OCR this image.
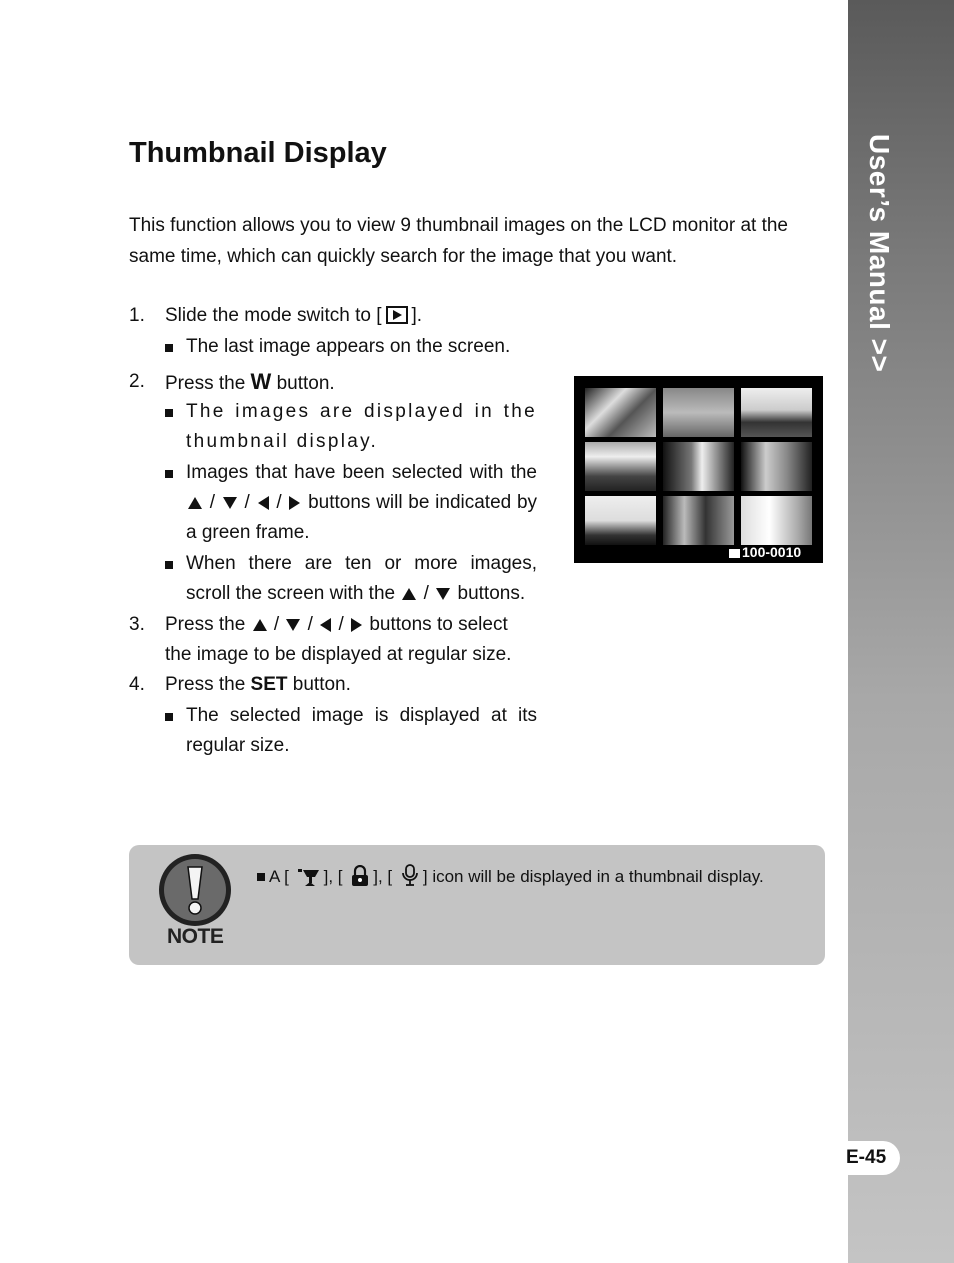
User’s Manual >>
E-45
Thumbnail Display

This function allows you to view 9 thumbnail images on the LCD monitor at the same time, which can quickly search for the image that you want.

1. Slide the mode switch to [ ].
The last image appears on the screen.
2. Press the W button.
The images are displayed in the thumbnail display.
Images that have been selected with the  / / / buttons will be indicated by a green frame.
When there are ten or more images, scroll the screen with the / buttons.
3. Press the / / / buttons to select
the image to be displayed at regular size.
4. Press the SET button.
The selected image is displayed at its regular size.
100-0010
NOTE
A [ ], [ ], [ ] icon will be displayed in a thumbnail display.
